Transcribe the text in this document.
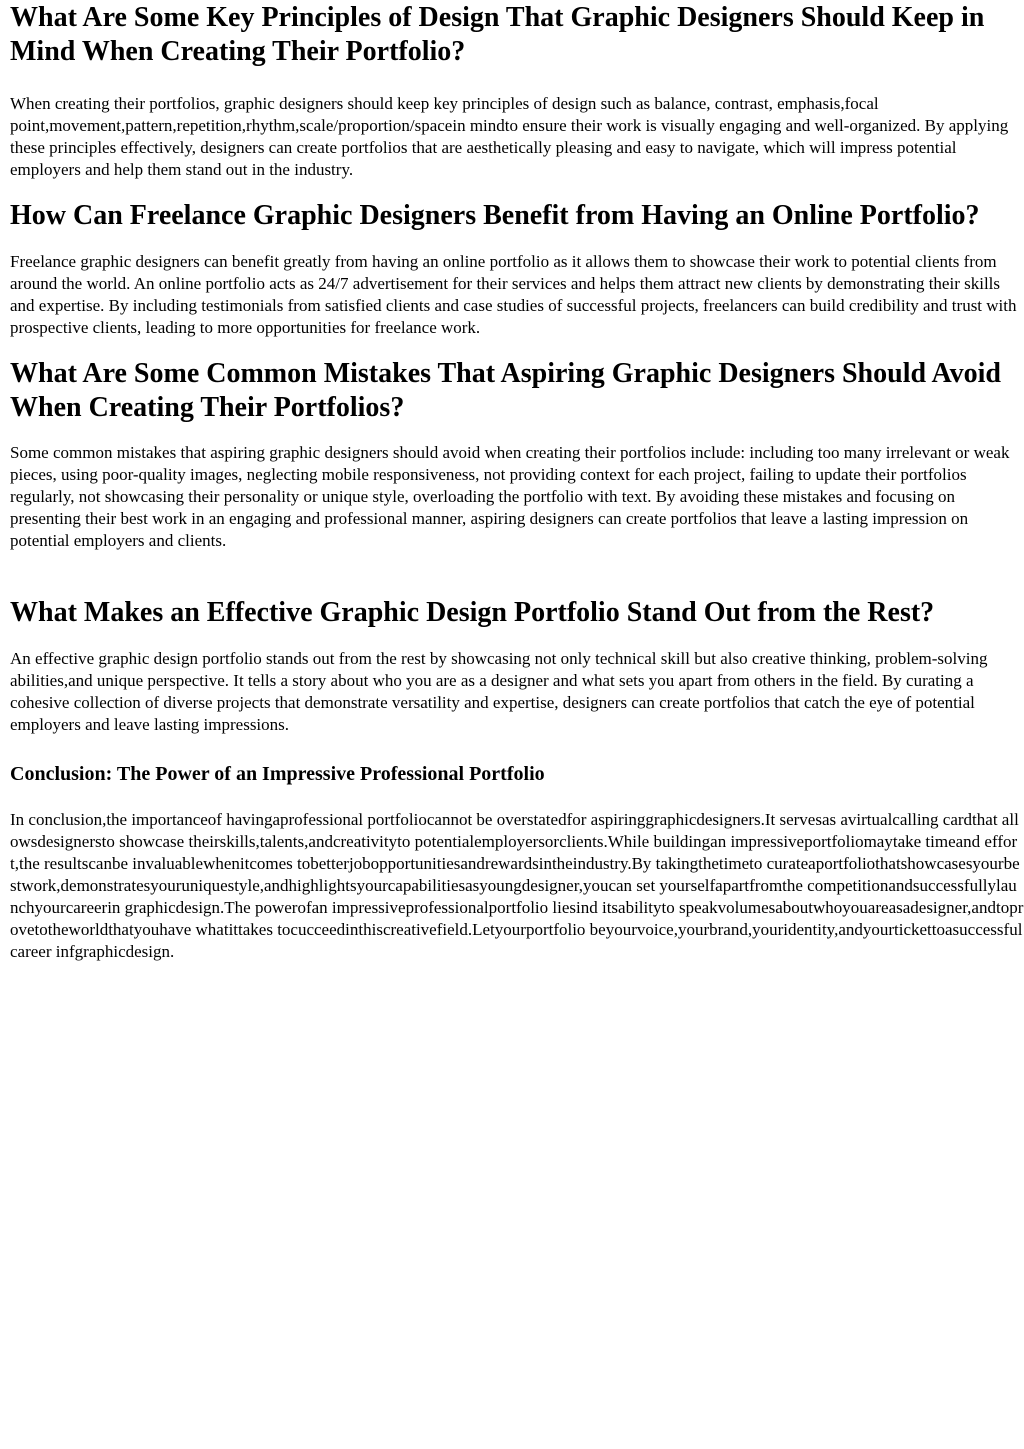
What Are Some Key Principles of Design That Graphic Designers Should Keep in Mind When Creating Their Portfolio?

When creating their portfolios, graphic designers should keep key principles of design such as balance, contrast, emphasis,focal point,movement,pattern,repetition,rhythm,scale/proportion/spacein mindto ensure their work is visually engaging and well-organized. By applying these principles effectively, designers can create portfolios that are aesthetically pleasing and easy to navigate, which will impress potential employers and help them stand out in the industry.

How Can Freelance Graphic Designers Benefit from Having an Online Portfolio?

Freelance graphic designers can benefit greatly from having an online portfolio as it allows them to showcase their work to potential clients from around the world. An online portfolio acts as 24/7 advertisement for their services and helps them attract new clients by demonstrating their skills and expertise. By including testimonials from satisfied clients and case studies of successful projects, freelancers can build credibility and trust with prospective clients, leading to more opportunities for freelance work.

What Are Some Common Mistakes That Aspiring Graphic Designers Should Avoid When Creating Their Portfolios?

Some common mistakes that aspiring graphic designers should avoid when creating their portfolios include: including too many irrelevant or weak pieces, using poor-quality images, neglecting mobile responsiveness, not providing context for each project, failing to update their portfolios regularly, not showcasing their personality or unique style, overloading the portfolio with text. By avoiding these mistakes and focusing on presenting their best work in an engaging and professional manner, aspiring designers can create portfolios that leave a lasting impression on potential employers and clients.

What Makes an Effective Graphic Design Portfolio Stand Out from the Rest?

An effective graphic design portfolio stands out from the rest by showcasing not only technical skill but also creative thinking, problem-solving abilities,and unique perspective. It tells a story about who you are as a designer and what sets you apart from others in the field. By curating a cohesive collection of diverse projects that demonstrate versatility and expertise, designers can create portfolios that catch the eye of potential employers and leave lasting impressions.

Conclusion: The Power of an Impressive Professional Portfolio

In conclusion,the importanceof havingaprofessional portfoliocannot be overstatedfor aspiringgraphicdesigners.It servesas avirtualcalling cardthat allowsdesignersto showcase theirskills,talents,andcreativityto potentialemployersorclients.While buildingan impressiveportfoliomaytake timeand effort,the resultscanbe invaluablewhenitcomes tobetterjobopportunitiesandrewardsintheindustry.By takingthetimeto curateaportfoliothatshowcasesyourbestwork,demonstratesyouruniquestyle,andhighlightsyourcapabilitiesasyoungdesigner,youcan set yourselfapartfromthe competitionandsuccessfullylaunchyourcareerin graphicdesign.The powerofan impressiveprofessionalportfolio liesind itsabilityto speakvolumesaboutwhoyouareasadesigner,andtoprovetotheworldthatyouhave whatittakes tocucceedinthiscreativefield.Letyourportfolio beyourvoice,yourbrand,youridentity,andyourtickettoasuccessfulcareer infgraphicdesign.
